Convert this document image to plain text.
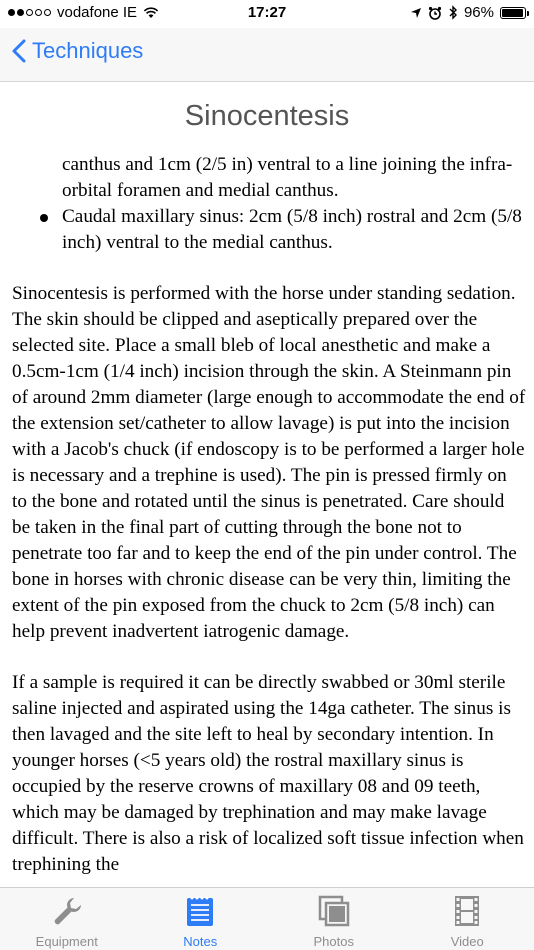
vodafone IE	17:27	96%
Techniques
Sinocentesis
canthus and 1cm (2/5 in) ventral to a line joining the infra-orbital foramen and medial canthus.
Caudal maxillary sinus: 2cm (5/8 inch) rostral and 2cm (5/8 inch) ventral to the medial canthus.

Sinocentesis is performed with the horse under standing sedation. The skin should be clipped and aseptically prepared over the selected site. Place a small bleb of local anesthetic and make a 0.5cm-1cm (1/4 inch) incision through the skin. A Steinmann pin of around 2mm diameter (large enough to accommodate the end of the extension set/catheter to allow lavage) is put into the incision with a Jacob's chuck (if endoscopy is to be performed a larger hole is necessary and a trephine is used). The pin is pressed firmly on to the bone and rotated until the sinus is penetrated. Care should be taken in the final part of cutting through the bone not to penetrate too far and to keep the end of the pin under control. The bone in horses with chronic disease can be very thin, limiting the extent of the pin exposed from the chuck to 2cm (5/8 inch) can help prevent inadvertent iatrogenic damage.

If a sample is required it can be directly swabbed or 30ml sterile saline injected and aspirated using the 14ga catheter. The sinus is then lavaged and the site left to heal by secondary intention. In younger horses (<5 years old) the rostral maxillary sinus is occupied by the reserve crowns of maxillary 08 and 09 teeth, which may be damaged by trephination and may make lavage difficult. There is also a risk of localized soft tissue infection when trephining the

Equipment	Notes	Photos	Video
